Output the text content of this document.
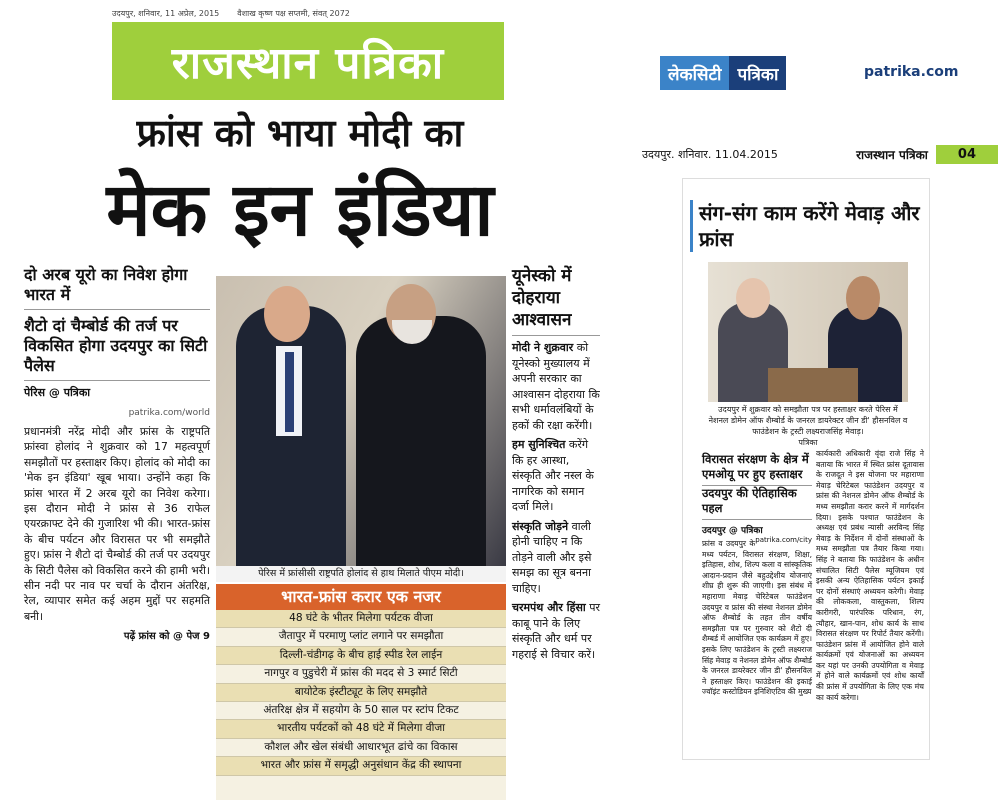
उदयपुर, शनिवार, 11 अप्रेल, 2015 वैशाख कृष्ण पक्ष सप्तमी, संवत् 2072
राजस्थान पत्रिका
फ्रांस को भाया मोदी का
मेक इन इंडिया
दो अरब यूरो का निवेश होगा भारत में
शैटो दां चैम्बोर्ड की तर्ज पर विकसित होगा उदयपुर का सिटी पैलेस
पेरिस @ पत्रिका
patrika.com/world
प्रधानमंत्री नरेंद्र मोदी और फ्रांस के राष्ट्रपति फ्रांस्वा होलांद ने शुक्रवार को 17 महत्वपूर्ण समझौतों पर हस्ताक्षर किए। होलांद को मोदी का 'मेक इन इंडिया' खूब भाया। उन्होंने कहा कि फ्रांस भारत में 2 अरब यूरो का निवेश करेगा। इस दौरान मोदी ने फ्रांस से 36 राफेल एयरक्राफ्ट देने की गुजारिश भी की। भारत-फ्रांस के बीच पर्यटन और विरासत पर भी समझौते हुए। फ्रांस ने शैटो दां चैम्बोर्ड की तर्ज पर उदयपुर के सिटी पैलेस को विकसित करने की हामी भरी। सीन नदी पर नाव पर चर्चा के दौरान अंतरिक्ष, रेल, व्यापार समेत कई अहम मुद्दों पर सहमति बनी।
पढ़ें फ्रांस को @ पेज 9
पेरिस में फ्रांसीसी राष्ट्रपति होलांद से हाथ मिलाते पीएम मोदी।
भारत-फ्रांस करार एक नजर
48 घंटे के भीतर मिलेगा पर्यटक वीजा
जैतापुर में परमाणु प्लांट लगाने पर समझौता
दिल्ली-चंडीगढ़ के बीच हाई स्पीड रेल लाईन
नागपुर व पुडुचेरी में फ्रांस की मदद से 3 स्मार्ट सिटी
बायोटेक इंस्टीट्यूट के लिए समझौते
अंतरिक्ष क्षेत्र में सहयोग के 50 साल पर स्टांप टिकट
भारतीय पर्यटकों को 48 घंटे में मिलेगा वीजा
कौशल और खेल संबंधी आधारभूत ढांचे का विकास
भारत और फ्रांस में समृद्धी अनुसंधान केंद्र की स्थापना
यूनेस्को में दोहराया आश्वासन

मोदी ने शुक्रवार को यूनेस्को मुख्यालय में अपनी सरकार का आश्वासन दोहराया कि सभी धर्मावलंबियों के हकों की रक्षा करेंगी।

हम सुनिश्चित करेंगे कि हर आस्था, संस्कृति और नस्ल के नागरिक को समान दर्जा मिले।

संस्कृति जोड़ने वाली होनी चाहिए न कि तोड़ने वाली और इसे समझ का सूत्र बनना चाहिए।

चरमपंथ और हिंसा पर काबू पाने के लिए संस्कृति और धर्म पर गहराई से विचार करें।

लेकसिटी पत्रिका	patrika.com
उदयपुर. शनिवार. 11.04.2015	राजस्थान पत्रिका	04
संग-संग काम करेंगे मेवाड़ और फ्रांस
उदयपुर में शुक्रवार को समझौता पत्र पर हस्ताक्षर करते पेरिस में नेशनल डोमेन ऑफ शैम्बोर्ड के जनरल डायरेक्टर जीन डी' हौसनविल व फाउंडेशन के ट्रस्टी लक्ष्यराजसिंह मेवाड़।
पत्रिका
विरासत संरक्षण के क्षेत्र में एमओयू पर हुए हस्ताक्षर
उदयपुर की ऐतिहासिक पहल
उदयपुर @ पत्रिका
patrika.com/city
फ्रांस व उदयपुर के मध्य पर्यटन, विरासत संरक्षण, शिक्षा, इतिहास, शोध, शिल्प कला व सांस्कृतिक आदान-प्रदान जैसे बहुउद्देशीय योजनाएं शीघ्र ही शुरू की जाएगी। इस संबंध में महाराणा मेवाड़ चेरिटेबल फाउंडेशन उदयपुर व फ्रांस की संस्था नेशनल डोमेन ऑफ शैम्बोर्ड के तहत तीन वर्षीय समझौता पत्र पर गुरुवार को शैटो दी शैम्बर्ड में आयोजित एक कार्यक्रम में हुए। इसके लिए फाउंडेशन के ट्रस्टी लक्ष्यराज सिंह मेवाड़ व नेशनल डोमेन ऑफ शैम्बोर्ड के जनरल डायरेक्टर जीन डी' हौसनविल ने हस्ताक्षर किए। फाउंडेशन की इकाई ज्वॉइंट कस्टोडियन इनिशिएटिव की मुख्य
कार्यकारी अधिकारी वृंदा राजे सिंह ने बताया कि भारत में स्थित फ्रांस दूतावास के राजदूत ने इस योजना पर महाराणा मेवाड़ चेरिटेबल फाउंडेशन उदयपुर व फ्रांस की नेशनल डोमेन ऑफ शैम्बोर्ड के मध्य समझौता करार करने में मार्गदर्शन दिया। इसके पश्चात फाउंडेशन के अध्यक्ष एवं प्रबंध न्यासी अरविन्द सिंह मेवाड़ के निर्देशन में दोनों संस्थाओं के मध्य समझौता पत्र तैयार किया गया। सिंह ने बताया कि फाउंडेशन के अधीन संचालित सिटी पैलेस म्यूजियम एवं इसकी अन्य ऐतिहासिक पर्यटन इकाई पर दोनों संस्थाएं अध्ययन करेगी। मेवाड़ की लोककला, वास्तुकला, शिल्प कारीगरी, पारंपरिक परिधान, रंग, त्यौहार, खान-पान, शोध कार्य के साथ विरासत संरक्षण पर रिपोर्ट तैयार करेंगी। फाउंडेशन फ्रांस में आयोजित होने वाले कार्यक्रमों एवं योजनाओं का अध्ययन कर यहां पर उनकी उपयोगिता व मेवाड़ में होने वाले कार्यक्रमों एवं शोध कार्यों की फ्रांस में उपयोगिता के लिए एक मंच का कार्य करेगा।
